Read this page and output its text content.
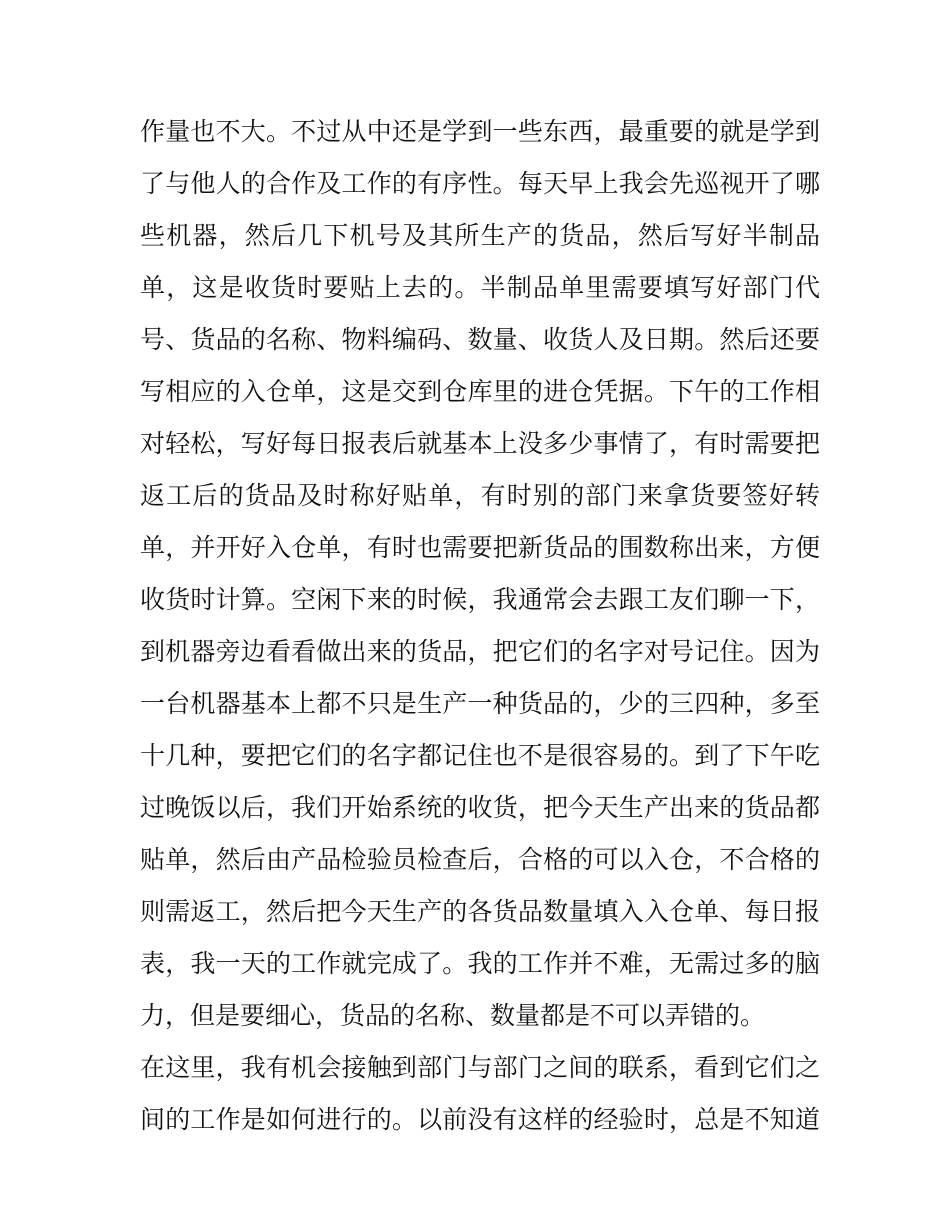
作量也不大。不过从中还是学到一些东西，最重要的就是学到
了与他人的合作及工作的有序性。每天早上我会先巡视开了哪
些机器，然后几下机号及其所生产的货品，然后写好半制品
单，这是收货时要贴上去的。半制品单里需要填写好部门代
号、货品的名称、物料编码、数量、收货人及日期。然后还要
写相应的入仓单，这是交到仓库里的进仓凭据。下午的工作相
对轻松，写好每日报表后就基本上没多少事情了，有时需要把
返工后的货品及时称好贴单，有时别的部门来拿货要签好转
单，并开好入仓单，有时也需要把新货品的围数称出来，方便
收货时计算。空闲下来的时候，我通常会去跟工友们聊一下，
到机器旁边看看做出来的货品，把它们的名字对号记住。因为
一台机器基本上都不只是生产一种货品的，少的三四种，多至
十几种，要把它们的名字都记住也不是很容易的。到了下午吃
过晚饭以后，我们开始系统的收货，把今天生产出来的货品都
贴单，然后由产品检验员检查后，合格的可以入仓，不合格的
则需返工，然后把今天生产的各货品数量填入入仓单、每日报
表，我一天的工作就完成了。我的工作并不难，无需过多的脑
力，但是要细心，货品的名称、数量都是不可以弄错的。
在这里，我有机会接触到部门与部门之间的联系，看到它们之
间的工作是如何进行的。以前没有这样的经验时，总是不知道
